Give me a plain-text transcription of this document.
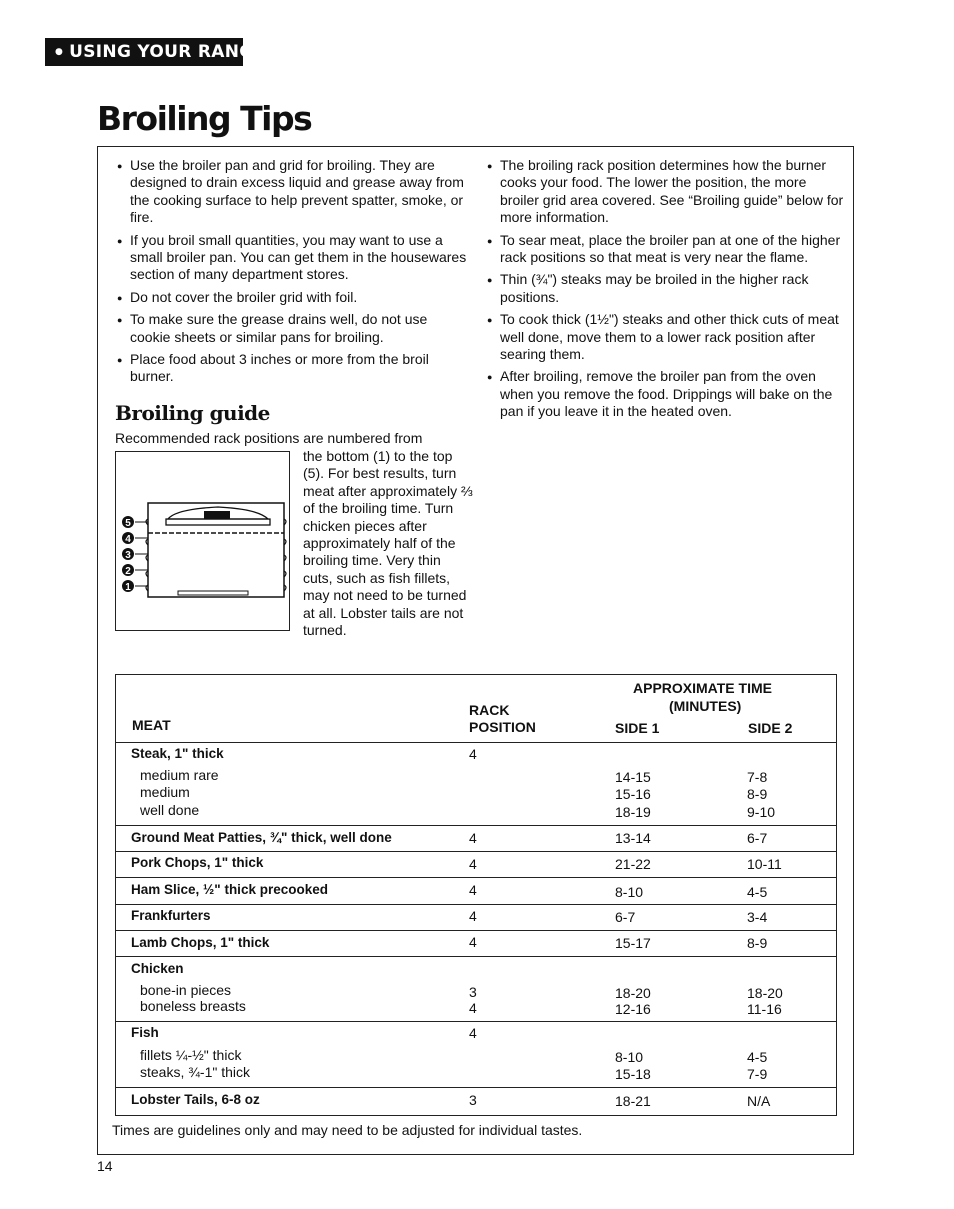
● USING YOUR RANGE
Broiling Tips
● Use the broiler pan and grid for broiling. They are designed to drain excess liquid and grease away from the cooking surface to help prevent spatter, smoke, or fire.
● If you broil small quantities, you may want to use a small broiler pan. You can get them in the housewares section of many department stores.
● Do not cover the broiler grid with foil.
● To make sure the grease drains well, do not use cookie sheets or similar pans for broiling.
● Place food about 3 inches or more from the broil burner.
● The broiling rack position determines how the burner cooks your food. The lower the position, the more broiler grid area covered. See “Broiling guide” below for more information.
● To sear meat, place the broiler pan at one of the higher rack positions so that meat is very near the flame.
● Thin (¾") steaks may be broiled in the higher rack positions.
● To cook thick (1½") steaks and other thick cuts of meat well done, move them to a lower rack position after searing them.
● After broiling, remove the broiler pan from the oven when you remove the food. Drippings will bake on the pan if you leave it in the heated oven.
Broiling guide
Recommended rack positions are numbered from
the bottom (1) to the top (5). For best results, turn meat after approximately ⅔ of the broiling time. Turn chicken pieces after approximately half of the broiling time. Very thin cuts, such as fish fillets, may not need to be turned at all. Lobster tails are not turned.
5
4
3
2
1
MEAT
RACK
POSITION
APPROXIMATE TIME
(MINUTES)
SIDE 1	SIDE 2
Steak, 1" thick	4
medium rare	14-15	7-8
medium	15-16	8-9
well done	18-19	9-10
Ground Meat Patties, ¾" thick, well done	4	13-14	6-7
Pork Chops, 1" thick	4	21-22	10-11
Ham Slice, ½" thick precooked	4	8-10	4-5
Frankfurters	4	6-7	3-4
Lamb Chops, 1" thick	4	15-17	8-9
Chicken
bone-in pieces	3	18-20	18-20
boneless breasts	4	12-16	11-16
Fish	4
fillets ¼-½" thick	8-10	4-5
steaks, ¾-1" thick	15-18	7-9
Lobster Tails, 6-8 oz	3	18-21	N/A
Times are guidelines only and may need to be adjusted for individual tastes.
14
